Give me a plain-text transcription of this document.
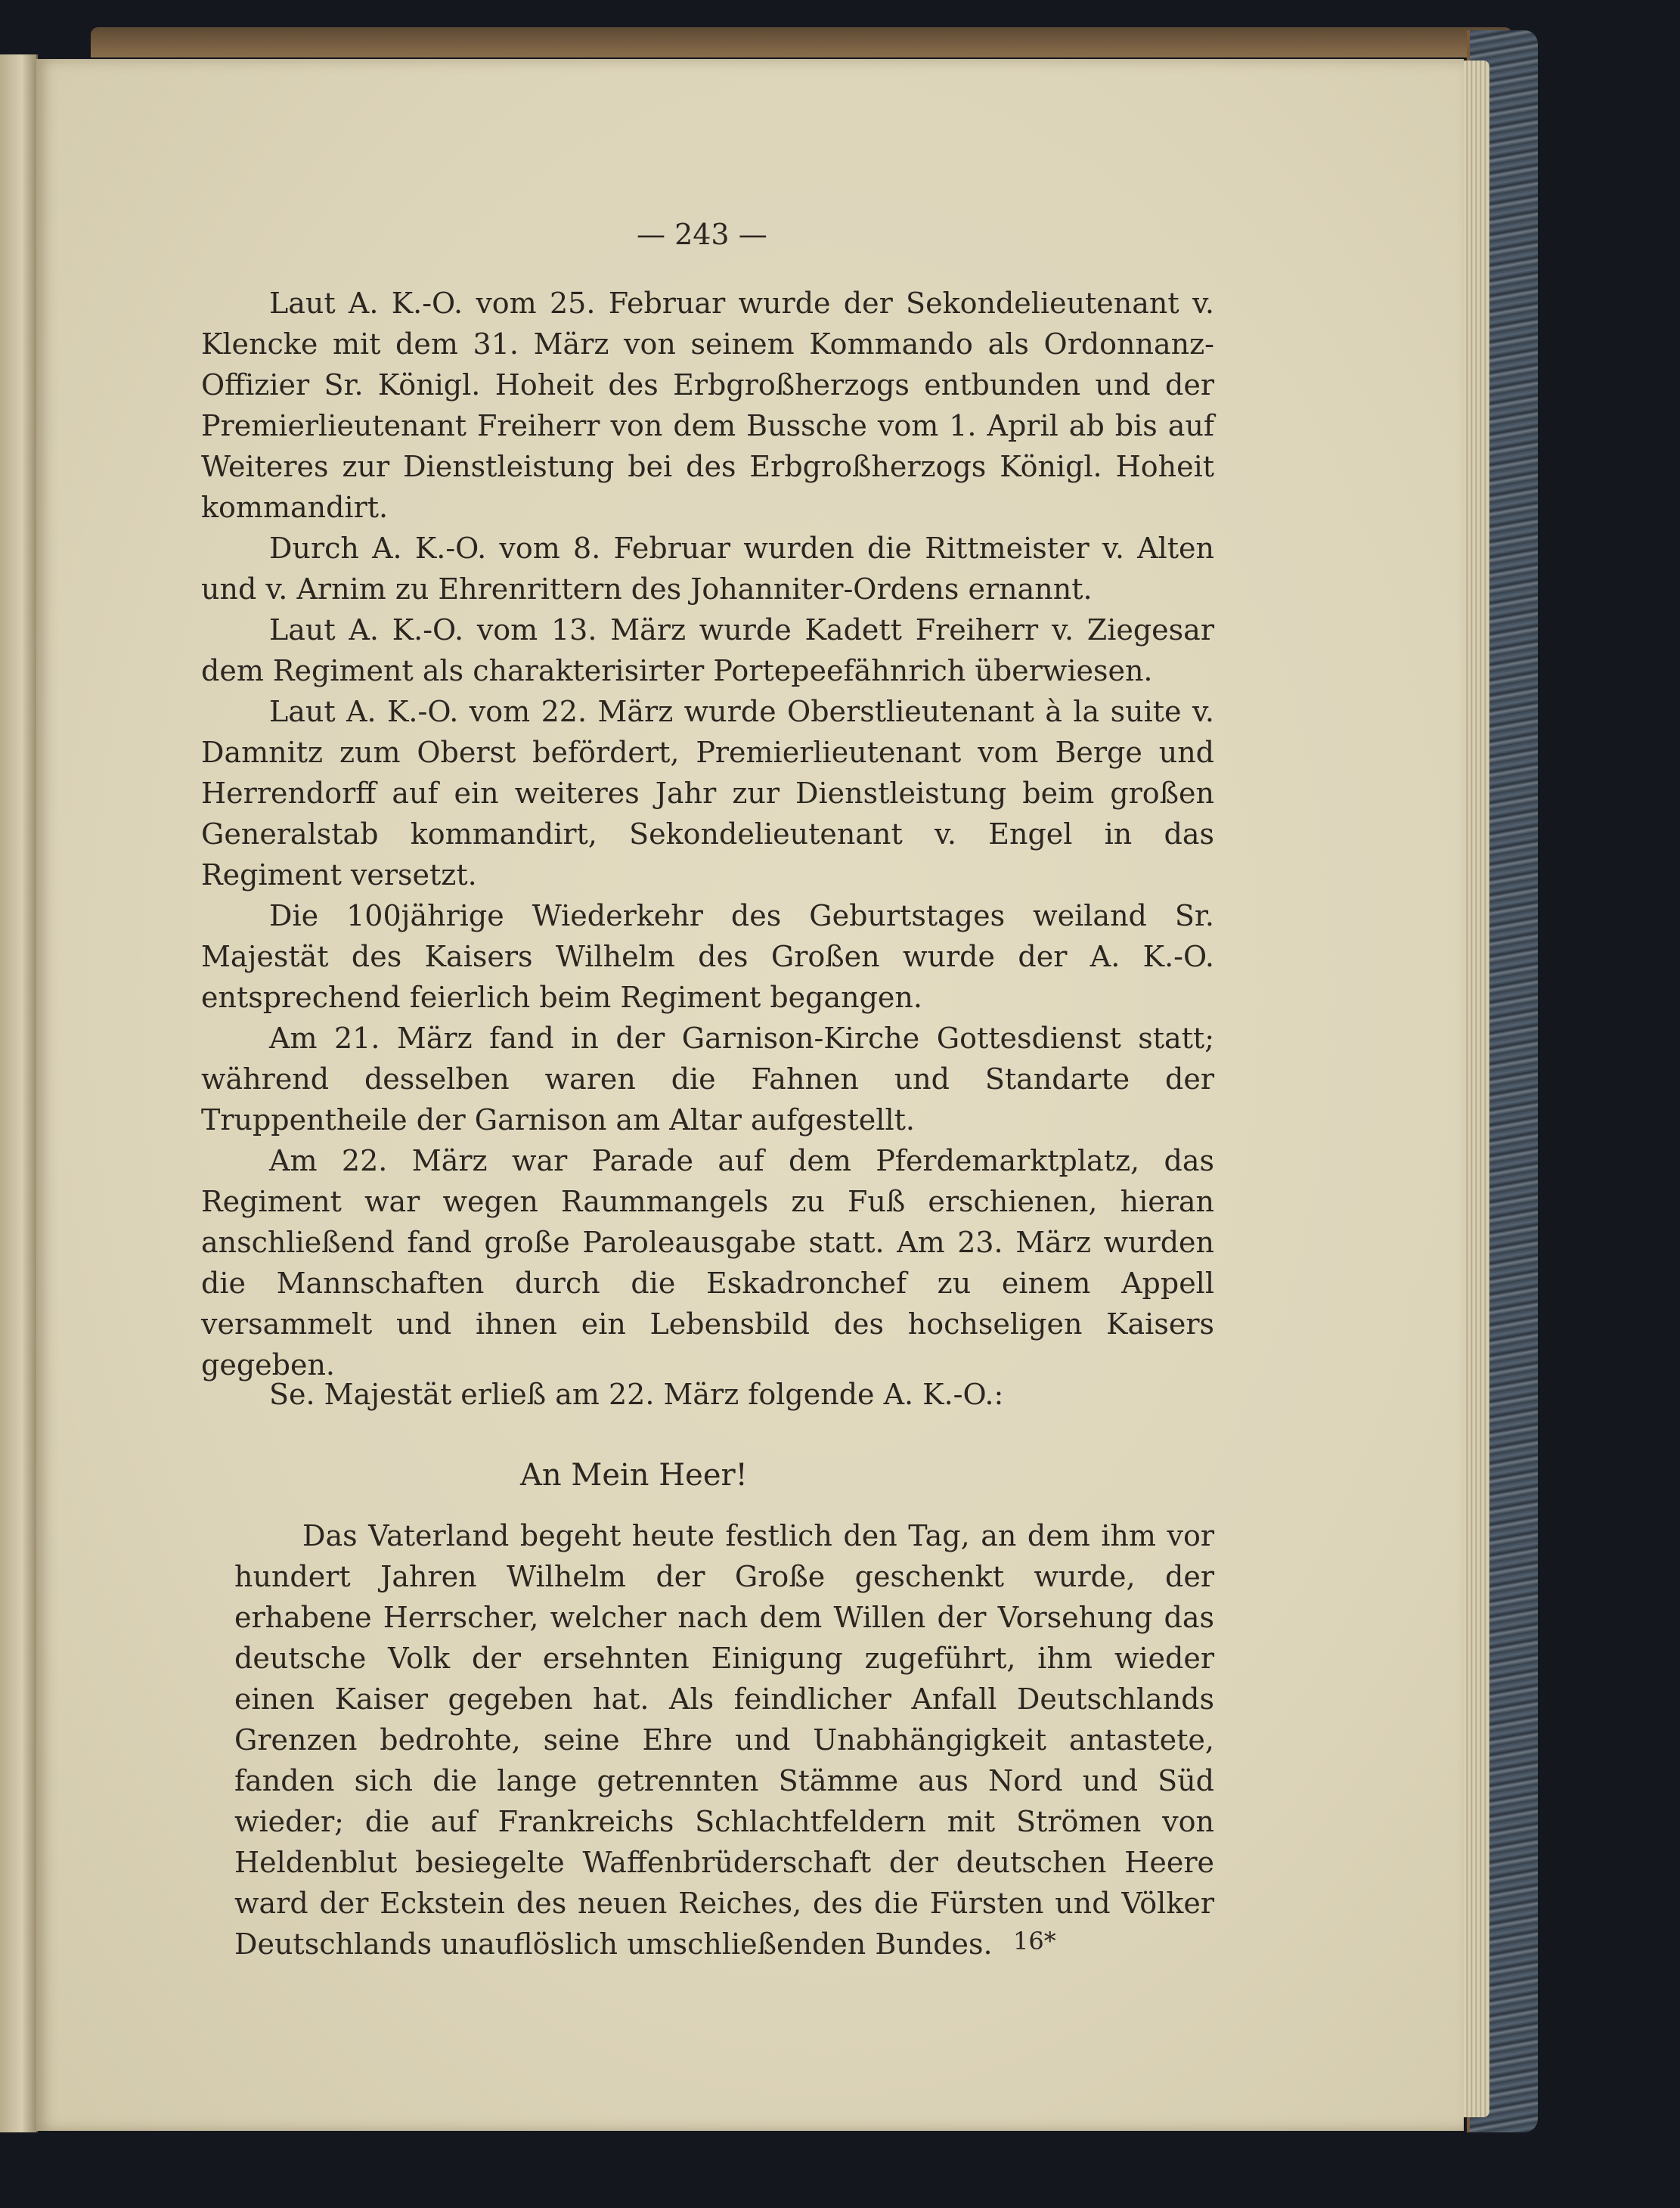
— 243 —
Laut A. K.-O. vom 25. Februar wurde der Sekondelieutenant v. Klencke mit dem 31. März von seinem Kommando als Ordonnanz-Offizier Sr. Königl. Hoheit des Erbgroßherzogs entbunden und der Premierlieutenant Freiherr von dem Bussche vom 1. April ab bis auf Weiteres zur Dienstleistung bei des Erbgroßherzogs Königl. Hoheit kommandirt.
Durch A. K.-O. vom 8. Februar wurden die Rittmeister v. Alten und v. Arnim zu Ehrenrittern des Johanniter-Ordens ernannt.
Laut A. K.-O. vom 13. März wurde Kadett Freiherr v. Ziegesar dem Regiment als charakterisirter Portepeefähnrich überwiesen.
Laut A. K.-O. vom 22. März wurde Oberstlieutenant à la suite v. Damnitz zum Oberst befördert, Premierlieutenant vom Berge und Herrendorff auf ein weiteres Jahr zur Dienstleistung beim großen Generalstab kommandirt, Sekondelieutenant v. Engel in das Regiment versetzt.
Die 100jährige Wiederkehr des Geburtstages weiland Sr. Majestät des Kaisers Wilhelm des Großen wurde der A. K.-O. entsprechend feierlich beim Regiment begangen.
Am 21. März fand in der Garnison-Kirche Gottesdienst statt; während desselben waren die Fahnen und Standarte der Truppentheile der Garnison am Altar aufgestellt.
Am 22. März war Parade auf dem Pferdemarktplatz, das Regiment war wegen Raummangels zu Fuß erschienen, hieran anschließend fand große Paroleausgabe statt. Am 23. März wurden die Mannschaften durch die Eskadronchef zu einem Appell versammelt und ihnen ein Lebensbild des hochseligen Kaisers gegeben.
Se. Majestät erließ am 22. März folgende A. K.-O.:
An Mein Heer!
Das Vaterland begeht heute festlich den Tag, an dem ihm vor hundert Jahren Wilhelm der Große geschenkt wurde, der erhabene Herrscher, welcher nach dem Willen der Vorsehung das deutsche Volk der ersehnten Einigung zugeführt, ihm wieder einen Kaiser gegeben hat. Als feindlicher Anfall Deutschlands Grenzen bedrohte, seine Ehre und Unabhängigkeit antastete, fanden sich die lange getrennten Stämme aus Nord und Süd wieder; die auf Frankreichs Schlachtfeldern mit Strömen von Heldenblut besiegelte Waffenbrüderschaft der deutschen Heere ward der Eckstein des neuen Reiches, des die Fürsten und Völker Deutschlands unauflöslich umschließenden Bundes. 16*
